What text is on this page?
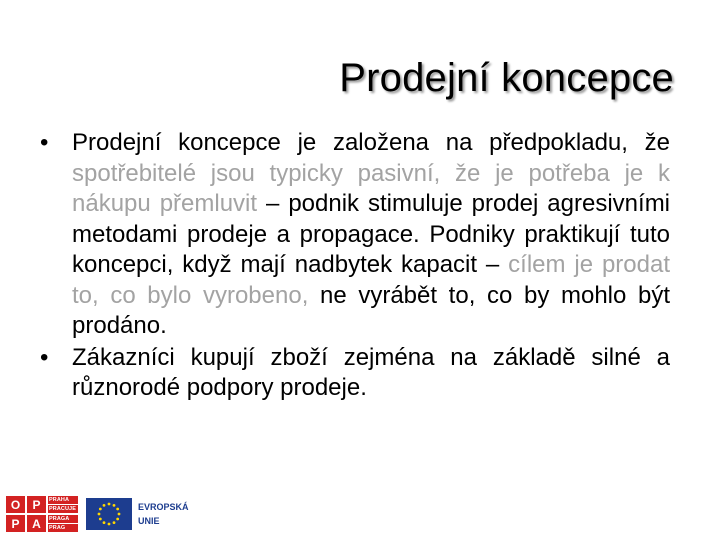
Prodejní koncepce

• Prodejní koncepce je založena na předpokladu, že spotřebitelé jsou typicky pasivní, že je potřeba je k nákupu přemluvit – podnik stimuluje prodej agresivními metodami prodeje a propagace. Podniky praktikují tuto koncepci, když mají nadbytek kapacit – cílem je prodat to, co bylo vyrobeno, ne vyrábět to, co by mohlo být prodáno.

• Zákazníci kupují zboží zejména na základě silné a různorodé podpory prodeje.

O	P
P	A
PRAHA
PRACUJE
PRAGA
PRAG
EVROPSKÁ
UNIE
